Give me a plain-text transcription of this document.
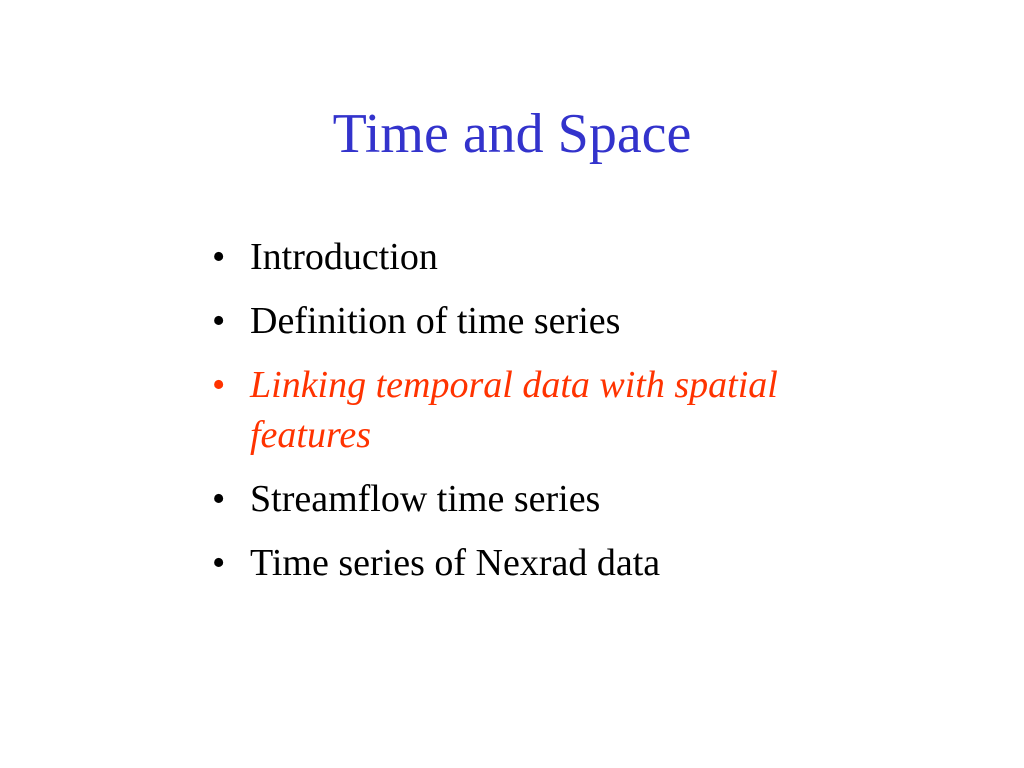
Time and Space
• Introduction
• Definition of time series
• Linking temporal data with spatial features
• Streamflow time series
• Time series of Nexrad data
